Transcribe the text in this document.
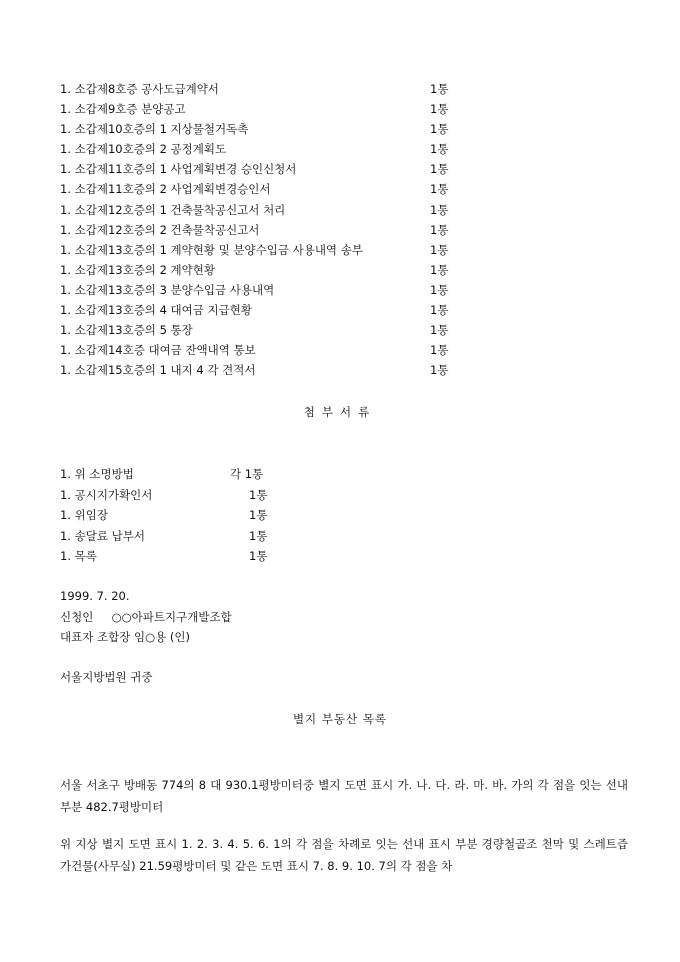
1. 소갑제8호증 공사도급계약서	1통
1. 소갑제9호증 분양공고	1통
1. 소갑제10호증의 1 지상물철거독촉	1통
1. 소갑제10호증의 2 공정계획도	1통
1. 소갑제11호증의 1 사업계획변경 승인신청서	1통
1. 소갑제11호증의 2 사업계획변경승인서	1통
1. 소갑제12호증의 1 건축물착공신고서 처리	1통
1. 소갑제12호증의 2 건축물착공신고서	1통
1. 소갑제13호증의 1 계약현황 및 분양수입금 사용내역 송부	1통
1. 소갑제13호증의 2 계약현황	1통
1. 소갑제13호증의 3 분양수입금 사용내역	1통
1. 소갑제13호증의 4 대여금 지급현황	1통
1. 소갑제13호증의 5 통장	1통
1. 소갑제14호증 대여금 잔액내역 통보	1통
1. 소갑제15호증의 1 내지 4 각 견적서	1통
첨부서류
1. 위 소명방법	각 1통
1. 공시지가확인서	1통
1. 위임장	1통
1. 송달료 납부서	1통
1. 목록	1통
1999. 7. 20.
신청인     ○○아파트지구개발조합
대표자 조합장 임○용 (인)
서울지방법원 귀중
별지 부동산 목록
서울 서초구 방배동 774의 8 대 930.1평방미터중 별지 도면 표시 가. 나. 다. 라. 마. 바. 가의 각 점을 잇는 선내 부분 482.7평방미터
위 지상 별지 도면 표시 1. 2. 3. 4. 5. 6. 1의 각 점을 차례로 잇는 선내 표시 부분 경량철골조 천막 및 스레트즙 가건물(사무실) 21.59평방미터 및 같은 도면 표시 7. 8. 9. 10. 7의 각 점을 차
